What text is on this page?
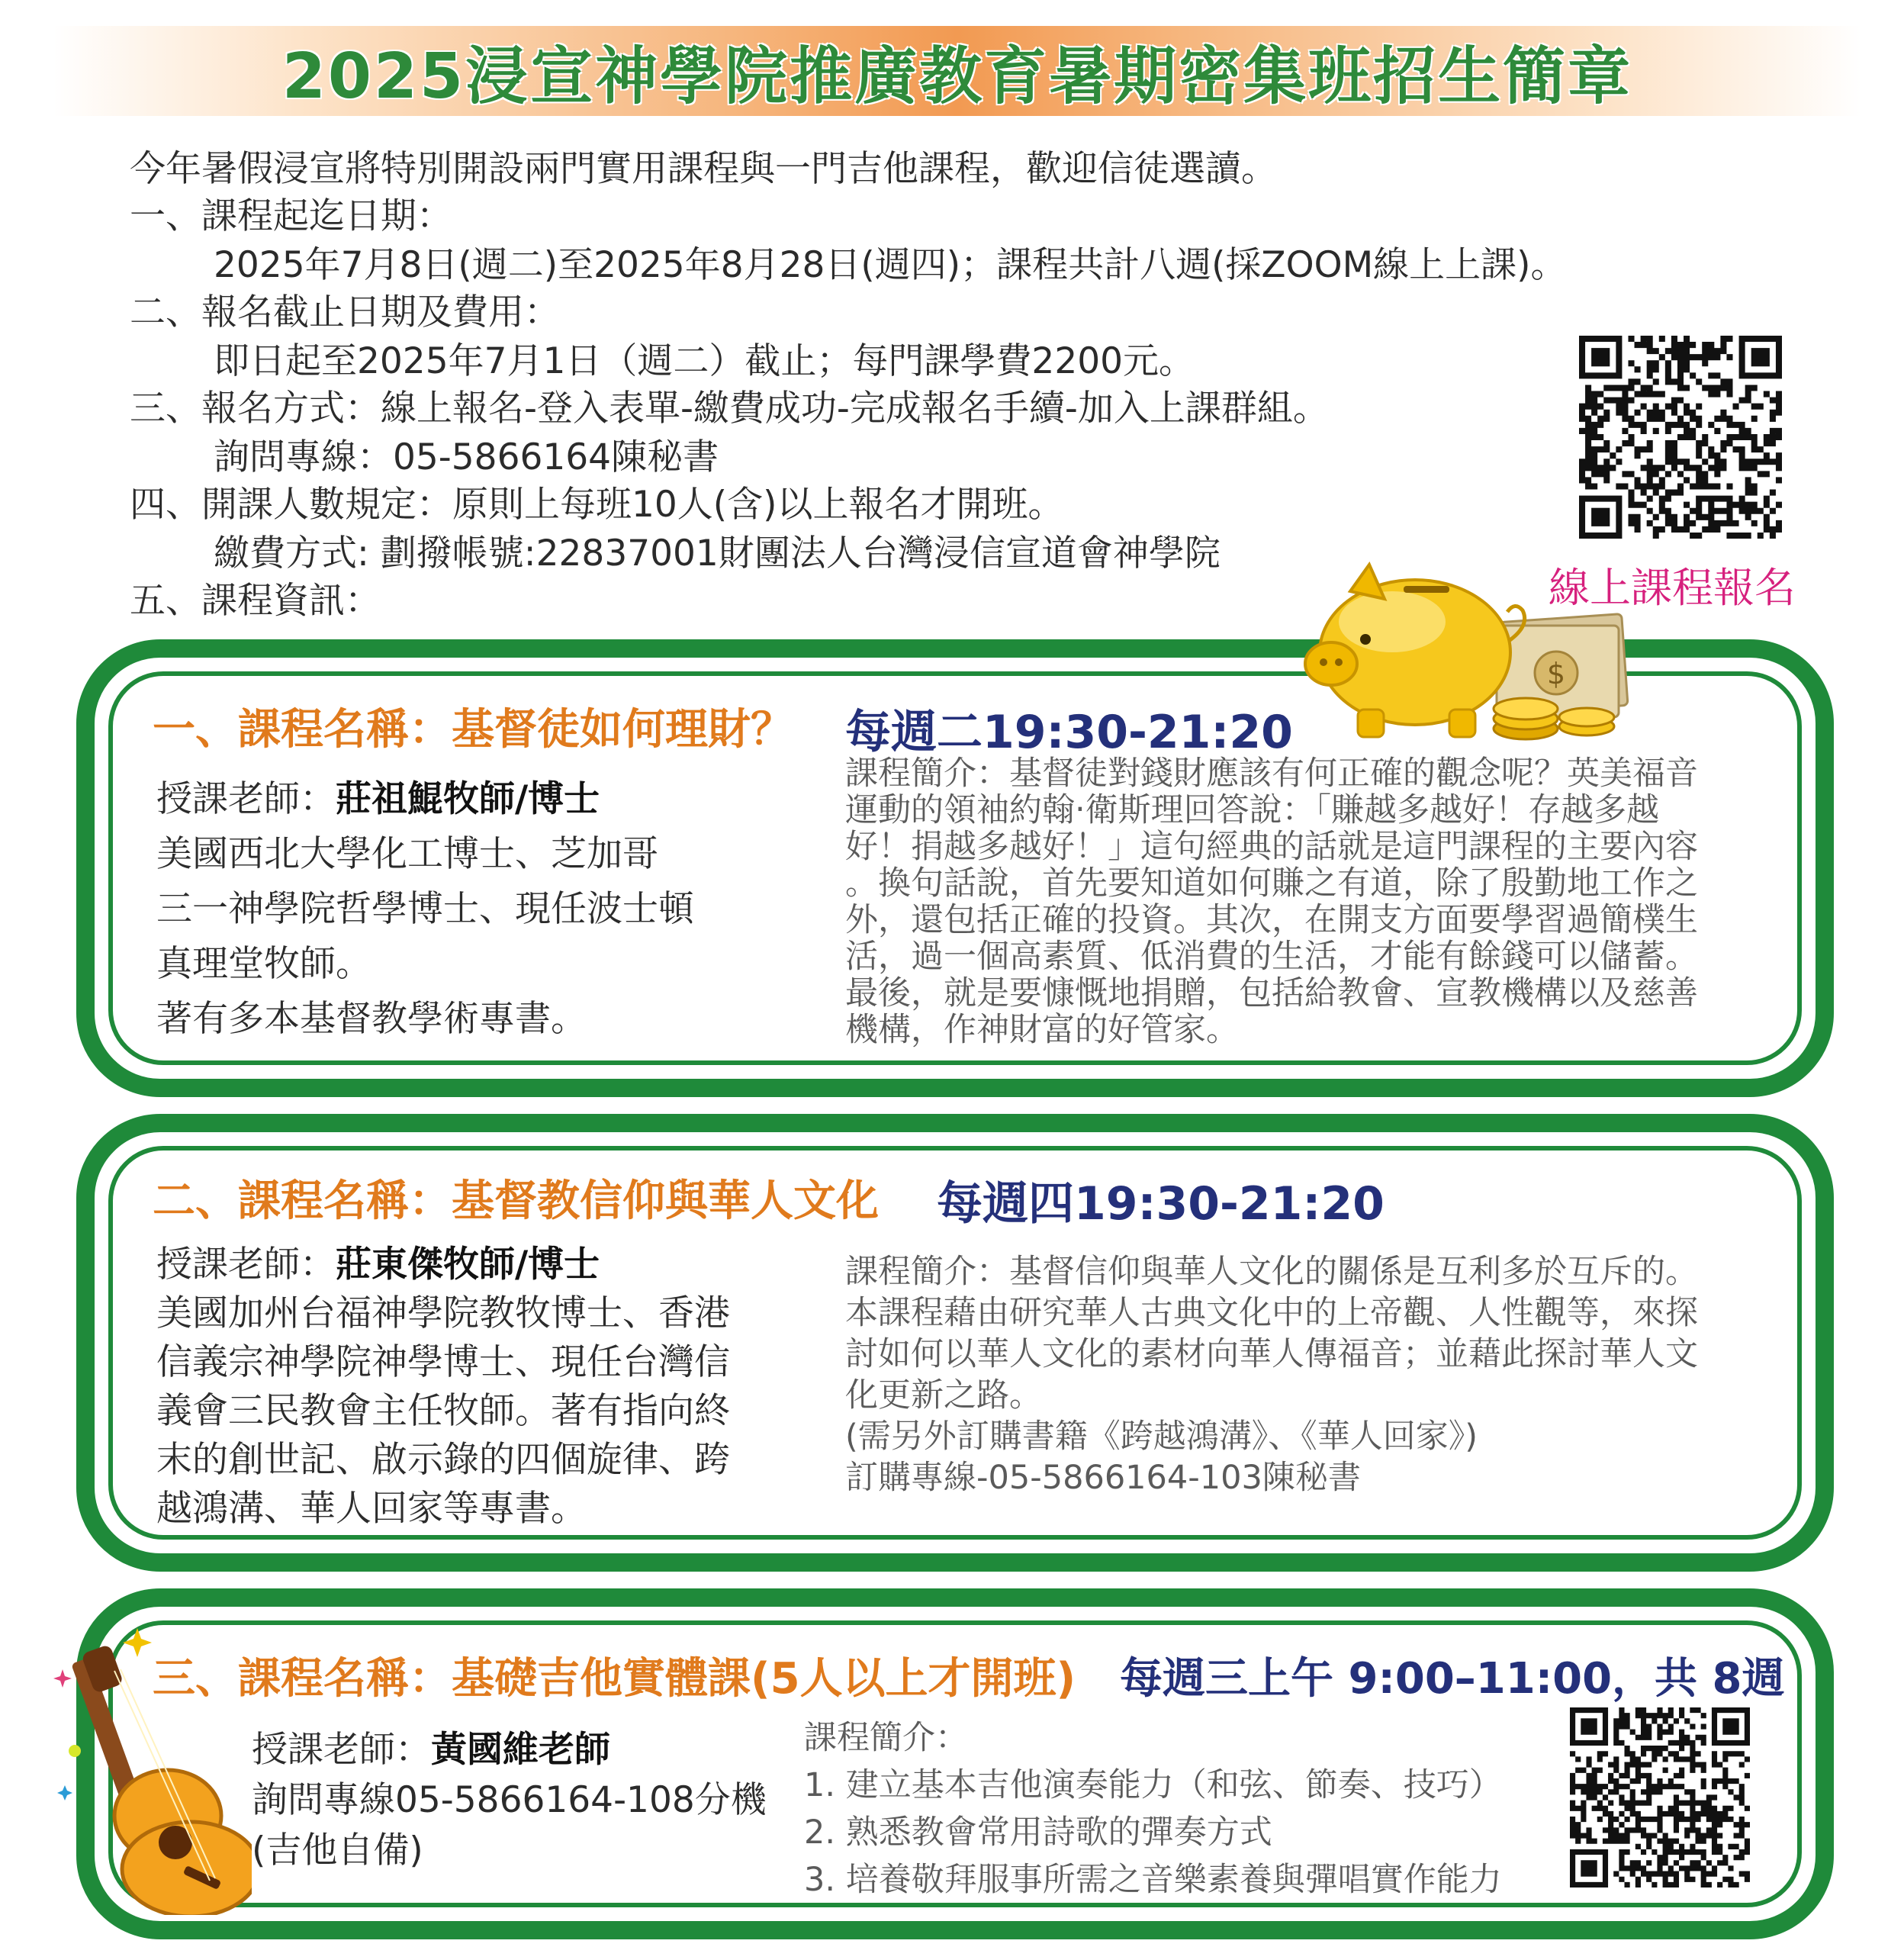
2025浸宣神學院推廣教育暑期密集班招生簡章
今年暑假浸宣將特別開設兩門實用課程與一門吉他課程，歡迎信徒選讀。
一、課程起迄日期：
2025年7月8日(週二)至2025年8月28日(週四)；課程共計八週(採ZOOM線上上課)。
二、報名截止日期及費用：
即日起至2025年7月1日（週二）截止；每門課學費2200元。
三、報名方式：線上報名-登入表單-繳費成功-完成報名手續-加入上課群組。
詢問專線：05-5866164陳秘書
四、開課人數規定：原則上每班10人(含)以上報名才開班。
繳費方式: 劃撥帳號:22837001財團法人台灣浸信宣道會神學院
五、課程資訊：	線上課程報名
$
一、課程名稱：基督徒如何理財？ 每週二19:30-21:20
授課老師：莊祖鯤牧師/博士
美國西北大學化工博士、芝加哥
三一神學院哲學博士、現任波士頓
真理堂牧師。
著有多本基督教學術專書。
課程簡介：基督徒對錢財應該有何正確的觀念呢？英美福音
運動的領袖約翰‧衛斯理回答說：「賺越多越好！存越多越
好！捐越多越好！」這句經典的話就是這門課程的主要內容
。換句話說，首先要知道如何賺之有道，除了殷勤地工作之
外，還包括正確的投資。其次，在開支方面要學習過簡樸生
活，過一個高素質、低消費的生活，才能有餘錢可以儲蓄。
最後，就是要慷慨地捐贈，包括給教會、宣教機構以及慈善
機構，作神財富的好管家。
二、課程名稱：基督教信仰與華人文化 每週四19:30-21:20
授課老師：莊東傑牧師/博士
美國加州台福神學院教牧博士、香港
信義宗神學院神學博士、現任台灣信
義會三民教會主任牧師。著有指向終
末的創世記、啟示錄的四個旋律、跨
越鴻溝、華人回家等專書。
課程簡介：基督信仰與華人文化的關係是互利多於互斥的。
本課程藉由研究華人古典文化中的上帝觀、人性觀等，來探
討如何以華人文化的素材向華人傳福音；並藉此探討華人文
化更新之路。
(需另外訂購書籍《跨越鴻溝》、《華人回家》)
訂購專線-05-5866164-103陳秘書
三、課程名稱：基礎吉他實體課(5人以上才開班) 每週三上午 9:00–11:00，共 8週
授課老師：黃國維老師
詢問專線05-5866164-108分機
(吉他自備)
課程簡介：
1. 建立基本吉他演奏能力（和弦、節奏、技巧）
2. 熟悉教會常用詩歌的彈奏方式
3. 培養敬拜服事所需之音樂素養與彈唱實作能力
